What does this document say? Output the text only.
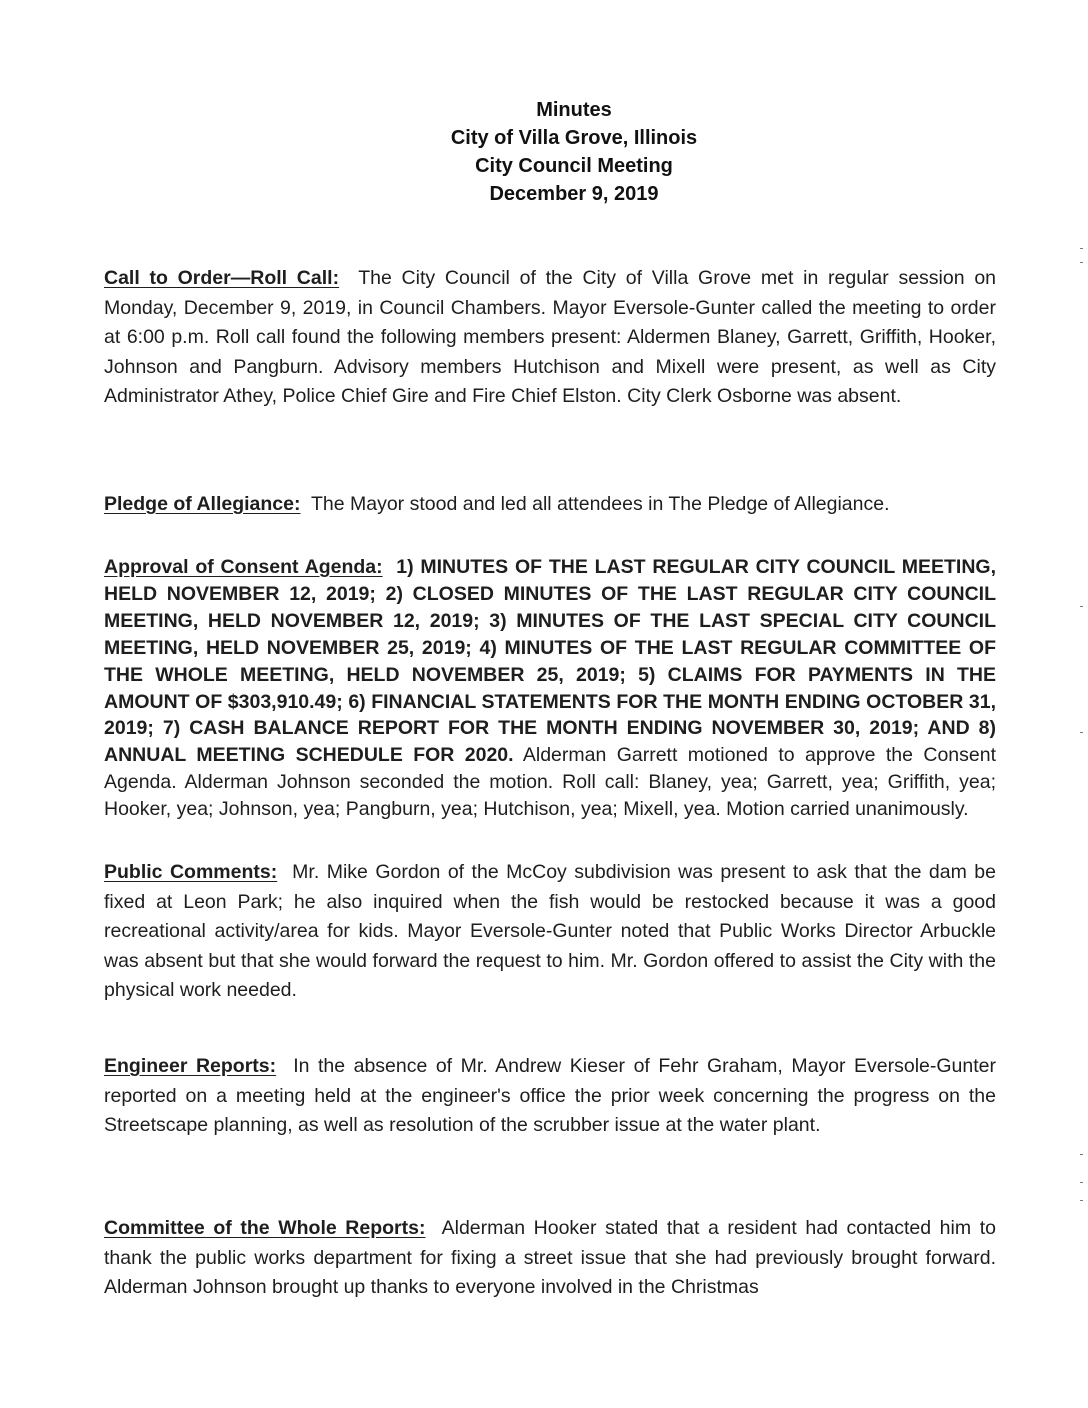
Minutes
City of Villa Grove, Illinois
City Council Meeting
December 9, 2019
Call to Order—Roll Call: The City Council of the City of Villa Grove met in regular session on Monday, December 9, 2019, in Council Chambers. Mayor Eversole-Gunter called the meeting to order at 6:00 p.m. Roll call found the following members present: Aldermen Blaney, Garrett, Griffith, Hooker, Johnson and Pangburn. Advisory members Hutchison and Mixell were present, as well as City Administrator Athey, Police Chief Gire and Fire Chief Elston. City Clerk Osborne was absent.
Pledge of Allegiance: The Mayor stood and led all attendees in The Pledge of Allegiance.
Approval of Consent Agenda: 1) MINUTES OF THE LAST REGULAR CITY COUNCIL MEETING, HELD NOVEMBER 12, 2019; 2) CLOSED MINUTES OF THE LAST REGULAR CITY COUNCIL MEETING, HELD NOVEMBER 12, 2019; 3) MINUTES OF THE LAST SPECIAL CITY COUNCIL MEETING, HELD NOVEMBER 25, 2019; 4) MINUTES OF THE LAST REGULAR COMMITTEE OF THE WHOLE MEETING, HELD NOVEMBER 25, 2019; 5) CLAIMS FOR PAYMENTS IN THE AMOUNT OF $303,910.49; 6) FINANCIAL STATEMENTS FOR THE MONTH ENDING OCTOBER 31, 2019; 7) CASH BALANCE REPORT FOR THE MONTH ENDING NOVEMBER 30, 2019; AND 8) ANNUAL MEETING SCHEDULE FOR 2020. Alderman Garrett motioned to approve the Consent Agenda. Alderman Johnson seconded the motion. Roll call: Blaney, yea; Garrett, yea; Griffith, yea; Hooker, yea; Johnson, yea; Pangburn, yea; Hutchison, yea; Mixell, yea. Motion carried unanimously.
Public Comments: Mr. Mike Gordon of the McCoy subdivision was present to ask that the dam be fixed at Leon Park; he also inquired when the fish would be restocked because it was a good recreational activity/area for kids. Mayor Eversole-Gunter noted that Public Works Director Arbuckle was absent but that she would forward the request to him. Mr. Gordon offered to assist the City with the physical work needed.
Engineer Reports: In the absence of Mr. Andrew Kieser of Fehr Graham, Mayor Eversole-Gunter reported on a meeting held at the engineer's office the prior week concerning the progress on the Streetscape planning, as well as resolution of the scrubber issue at the water plant.
Committee of the Whole Reports: Alderman Hooker stated that a resident had contacted him to thank the public works department for fixing a street issue that she had previously brought forward. Alderman Johnson brought up thanks to everyone involved in the Christmas
